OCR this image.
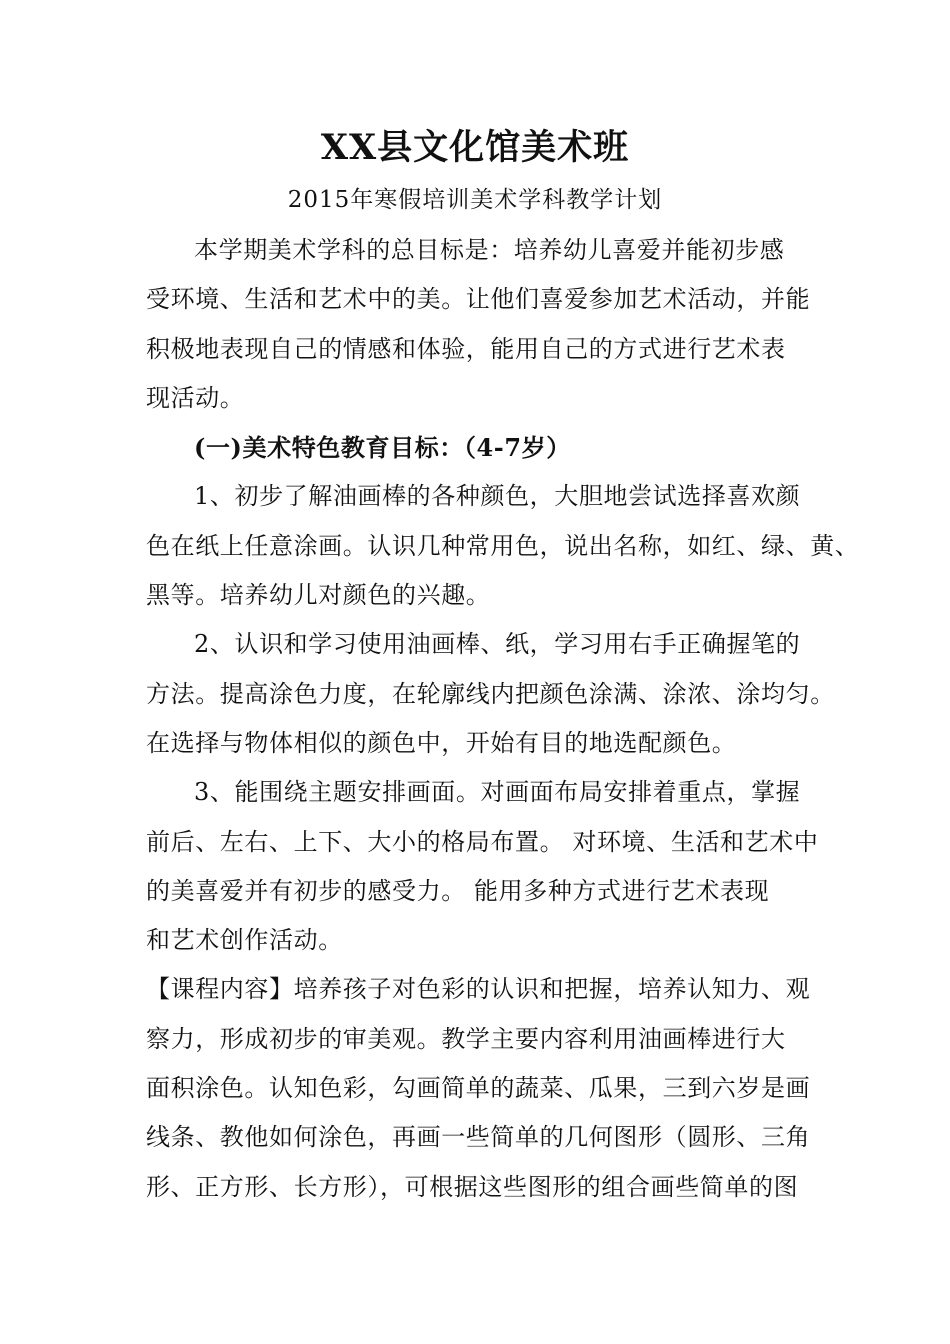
XX县文化馆美术班
2015年寒假培训美术学科教学计划
本学期美术学科的总目标是：培养幼儿喜爱并能初步感
受环境、生活和艺术中的美。让他们喜爱参加艺术活动，并能
积极地表现自己的情感和体验，能用自己的方式进行艺术表
现活动。
(一)美术特色教育目标：（4-7岁）
1、初步了解油画棒的各种颜色，大胆地尝试选择喜欢颜
色在纸上任意涂画。认识几种常用色，说出名称，如红、绿、黄、
黑等。培养幼儿对颜色的兴趣。
2、认识和学习使用油画棒、纸，学习用右手正确握笔的
方法。提高涂色力度，在轮廓线内把颜色涂满、涂浓、涂均匀。
在选择与物体相似的颜色中，开始有目的地选配颜色。
3、能围绕主题安排画面。对画面布局安排着重点，掌握
前后、左右、上下、大小的格局布置。 对环境、生活和艺术中
的美喜爱并有初步的感受力。 能用多种方式进行艺术表现
和艺术创作活动。
【课程内容】培养孩子对色彩的认识和把握，培养认知力、观
察力，形成初步的审美观。教学主要内容利用油画棒进行大
面积涂色。认知色彩，勾画简单的蔬菜、瓜果，三到六岁是画
线条、教他如何涂色，再画一些简单的几何图形（圆形、三角
形、正方形、长方形），可根据这些图形的组合画些简单的图
